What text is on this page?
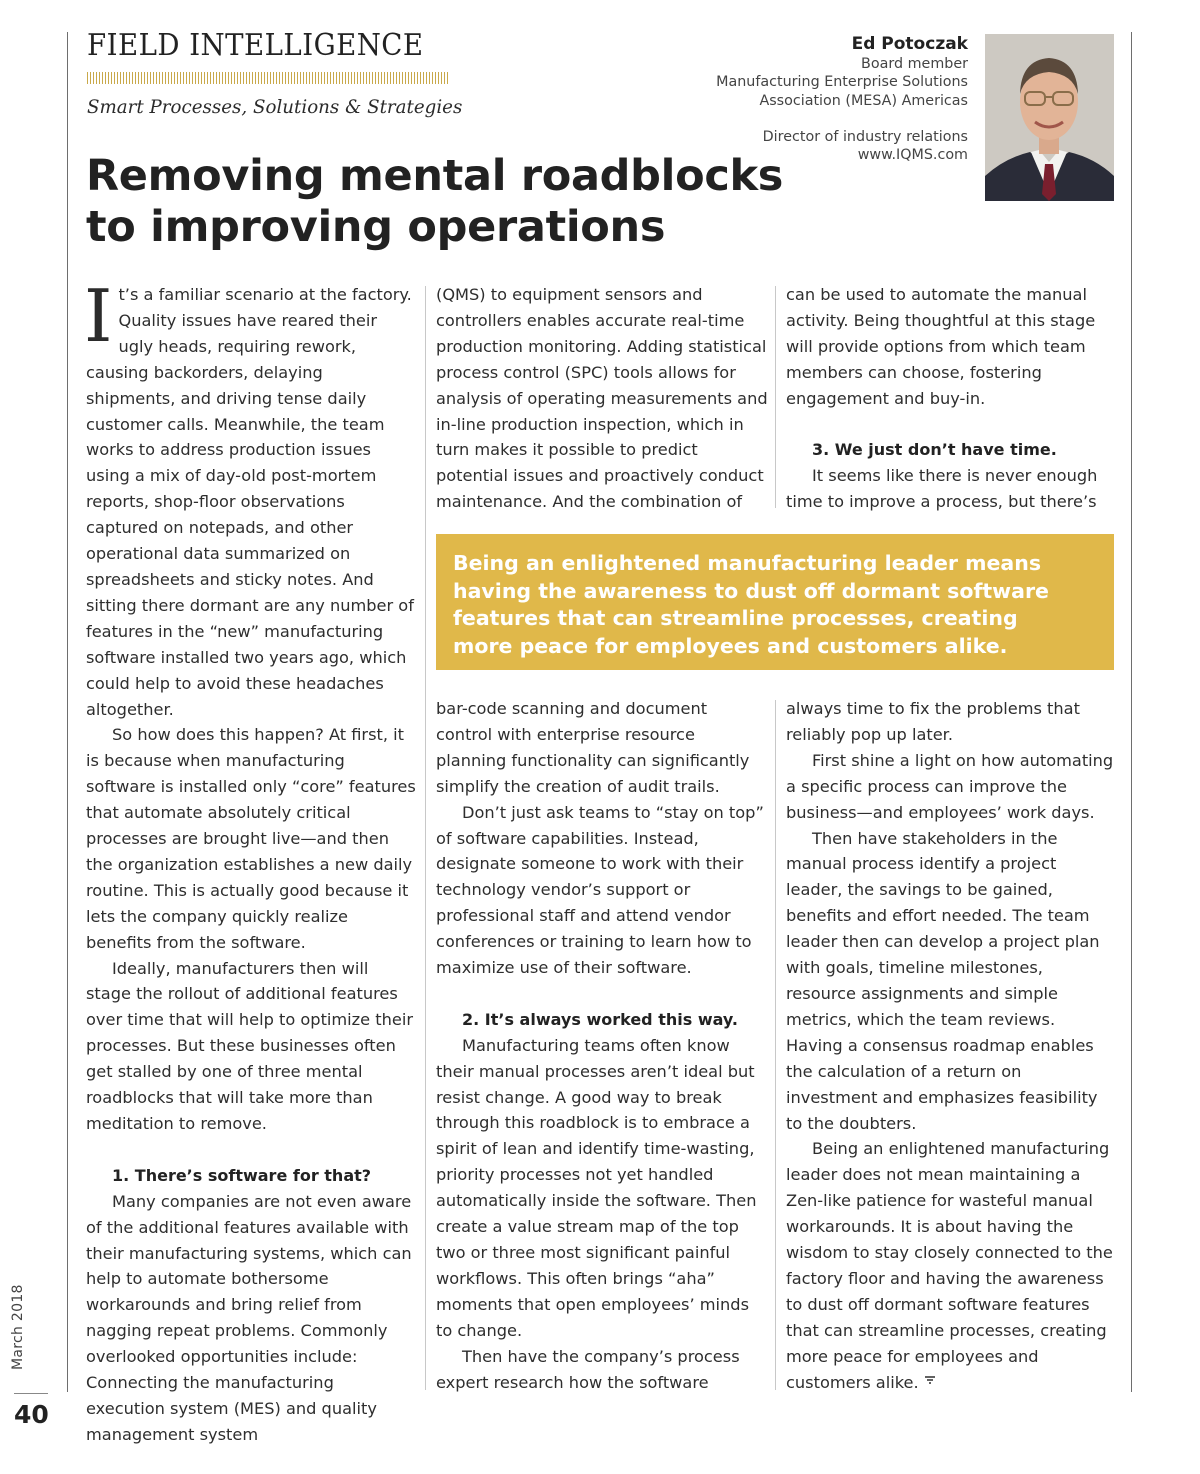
FIELD INTELLIGENCE
Smart Processes, Solutions & Strategies
Ed Potoczak
Board member
Manufacturing Enterprise Solutions
Association (MESA) Americas
Director of industry relations
www.IQMS.com
Removing mental roadblocks
to improving operations

It’s a familiar scenario at the factory. Quality issues have reared their ugly heads, requiring rework, causing backorders, delaying shipments, and driving tense daily customer calls. Meanwhile, the team works to address production issues using a mix of day-old post-mortem reports, shop-floor observations captured on notepads, and other operational data summarized on spreadsheets and sticky notes. And sitting there dormant are any number of features in the “new” manufacturing software installed two years ago, which could help to avoid these headaches altogether.

So how does this happen? At first, it is because when manufacturing software is installed only “core” features that automate absolutely critical processes are brought live—and then the organization establishes a new daily routine. This is actually good because it lets the company quickly realize benefits from the software.

Ideally, manufacturers then will stage the rollout of additional features over time that will help to optimize their processes. But these businesses often get stalled by one of three mental roadblocks that will take more than meditation to remove.

1. There’s software for that?

Many companies are not even aware of the additional features available with their manufacturing systems, which can help to automate bothersome workarounds and bring relief from nagging repeat problems. Commonly overlooked opportunities include: Connecting the manufacturing execution system (MES) and quality management system

(QMS) to equipment sensors and controllers enables accurate real-time production monitoring. Adding statistical process control (SPC) tools allows for analysis of operating measurements and in-line production inspection, which in turn makes it possible to predict potential issues and proactively conduct maintenance. And the combination of

can be used to automate the manual activity. Being thoughtful at this stage will provide options from which team members can choose, fostering engagement and buy-in.

3. We just don’t have time.

It seems like there is never enough time to improve a process, but there’s

Being an enlightened manufacturing leader means having the awareness to dust off dormant software features that can streamline processes, creating more peace for employees and customers alike.

bar-code scanning and document control with enterprise resource planning functionality can significantly simplify the creation of audit trails.

Don’t just ask teams to “stay on top” of software capabilities. Instead, designate someone to work with their technology vendor’s support or professional staff and attend vendor conferences or training to learn how to maximize use of their software.

2. It’s always worked this way.

Manufacturing teams often know their manual processes aren’t ideal but resist change. A good way to break through this roadblock is to embrace a spirit of lean and identify time-wasting, priority processes not yet handled automatically inside the software. Then create a value stream map of the top two or three most significant painful workflows. This often brings “aha” moments that open employees’ minds to change.

Then have the company’s process expert research how the software

always time to fix the problems that reliably pop up later.

First shine a light on how automating a specific process can improve the business—and employees’ work days.

Then have stakeholders in the manual process identify a project leader, the savings to be gained, benefits and effort needed. The team leader then can develop a project plan with goals, timeline milestones, resource assignments and simple metrics, which the team reviews. Having a consensus roadmap enables the calculation of a return on investment and emphasizes feasibility to the doubters.

Being an enlightened manufacturing leader does not mean maintaining a Zen-like patience for wasteful manual workarounds. It is about having the wisdom to stay closely connected to the factory floor and having the awareness to dust off dormant software features that can streamline processes, creating more peace for employees and customers alike.

March 2018
40
